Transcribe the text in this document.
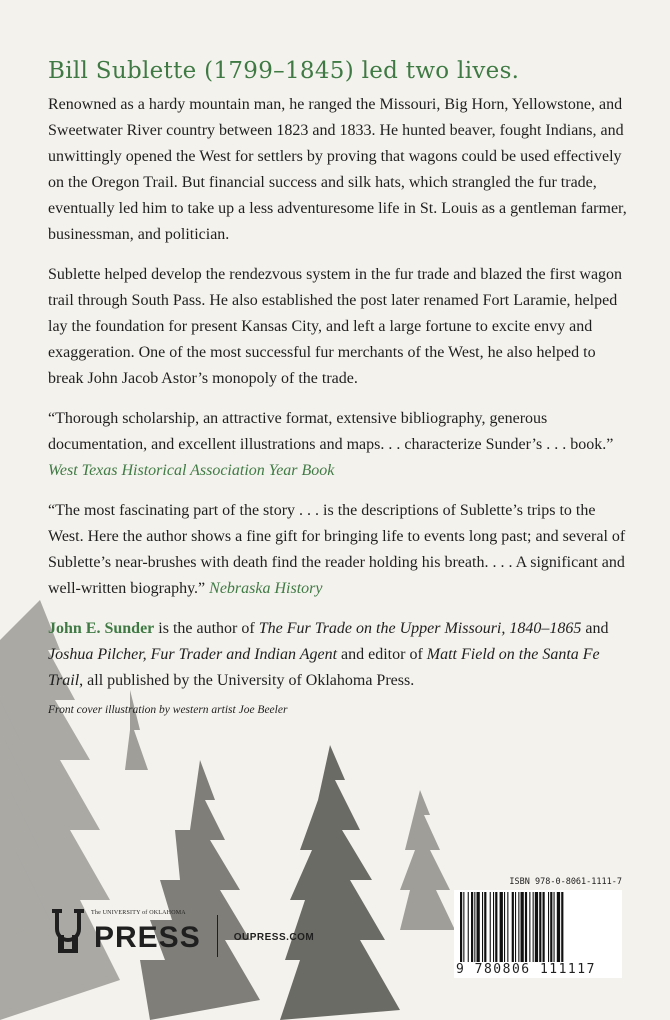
Bill Sublette (1799–1845) led two lives.

Renowned as a hardy mountain man, he ranged the Missouri, Big Horn, Yellowstone, and Sweetwater River country between 1823 and 1833. He hunted beaver, fought Indians, and unwittingly opened the West for settlers by proving that wagons could be used effectively on the Oregon Trail. But financial success and silk hats, which strangled the fur trade, eventually led him to take up a less adventuresome life in St. Louis as a gentleman farmer, businessman, and politician.

Sublette helped develop the rendezvous system in the fur trade and blazed the first wagon trail through South Pass. He also established the post later renamed Fort Laramie, helped lay the foundation for present Kansas City, and left a large fortune to excite envy and exaggeration. One of the most successful fur merchants of the West, he also helped to break John Jacob Astor’s monopoly of the trade.

“Thorough scholarship, an attractive format, extensive bibliography, generous documentation, and excellent illustrations and maps. . . characterize Sunder’s . . . book.” West Texas Historical Association Year Book

“The most fascinating part of the story . . . is the descriptions of Sublette’s trips to the West. Here the author shows a fine gift for bringing life to events long past; and several of Sublette’s near-brushes with death find the reader holding his breath. . . . A significant and well-written biography.” Nebraska History

John E. Sunder is the author of The Fur Trade on the Upper Missouri, 1840–1865 and Joshua Pilcher, Fur Trader and Indian Agent and editor of Matt Field on the Santa Fe Trail, all published by the University of Oklahoma Press.

Front cover illustration by western artist Joe Beeler
The UNIVERSITY of OKLAHOMA
PRESS	OUPRESS.COM
ISBN 978-0-8061-1111-7
9 780806 111117
